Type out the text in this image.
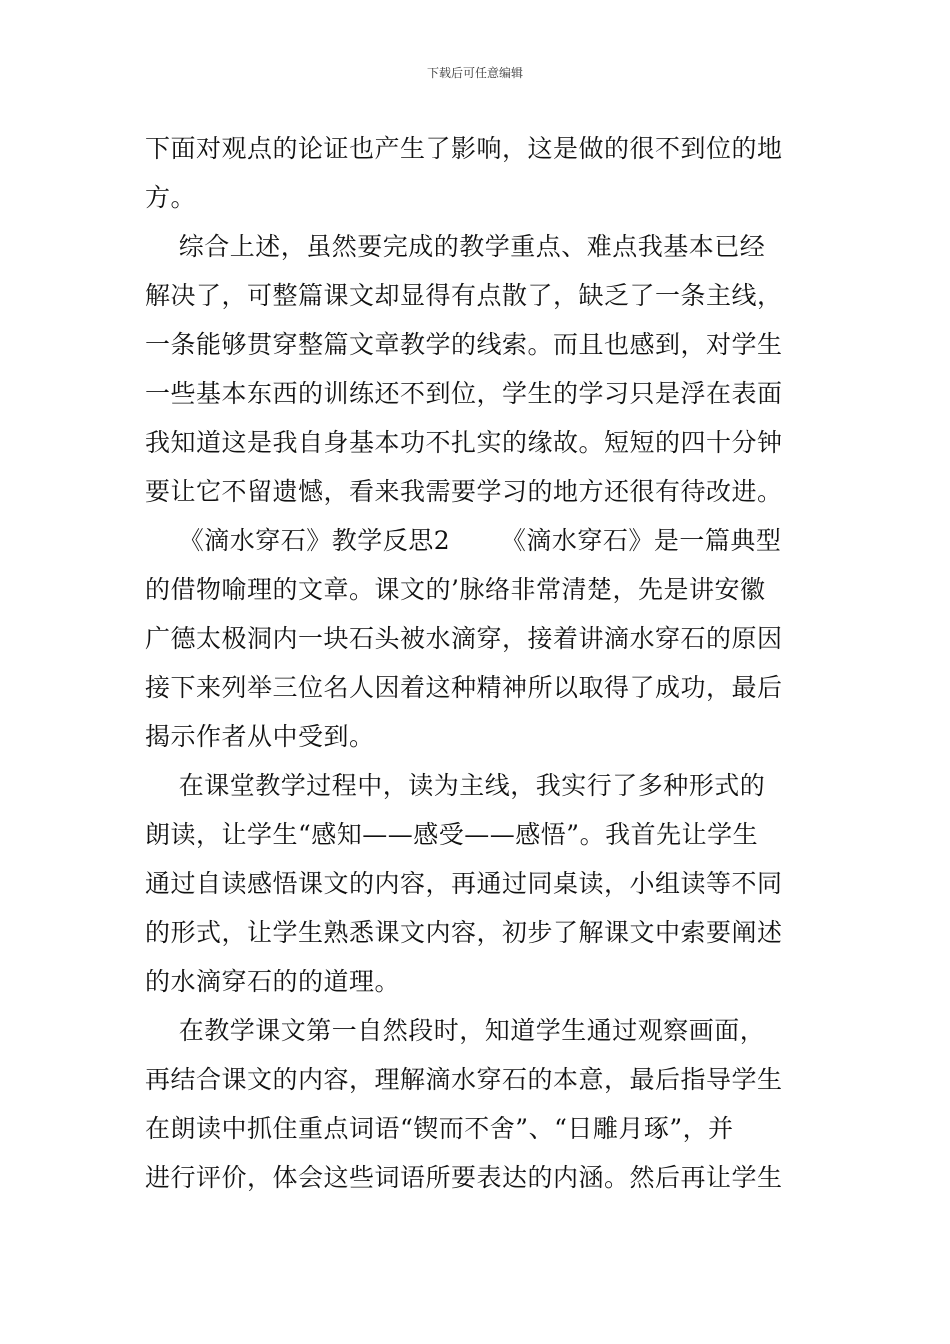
下载后可任意编辑
下面对观点的论证也产生了影响，这是做的很不到位的地
方。
综合上述，虽然要完成的教学重点、难点我基本已经
解决了，可整篇课文却显得有点散了，缺乏了一条主线，
一条能够贯穿整篇文章教学的线索。而且也感到，对学生
一些基本东西的训练还不到位，学生的学习只是浮在表面
我知道这是我自身基本功不扎实的缘故。短短的四十分钟
要让它不留遗憾，看来我需要学习的地方还很有待改进。
《滴水穿石》教学反思2      《滴水穿石》是一篇典型
的借物喻理的文章。课文的’脉络非常清楚，先是讲安徽
广德太极洞内一块石头被水滴穿，接着讲滴水穿石的原因
接下来列举三位名人因着这种精神所以取得了成功，最后
揭示作者从中受到。
在课堂教学过程中，读为主线，我实行了多种形式的
朗读，让学生“感知——感受——感悟”。我首先让学生
通过自读感悟课文的内容，再通过同桌读，小组读等不同
的形式，让学生熟悉课文内容，初步了解课文中索要阐述
的水滴穿石的的道理。
在教学课文第一自然段时，知道学生通过观察画面，
再结合课文的内容，理解滴水穿石的本意，最后指导学生
在朗读中抓住重点词语“锲而不舍”、“日雕月琢”，并
进行评价，体会这些词语所要表达的内涵。然后再让学生
